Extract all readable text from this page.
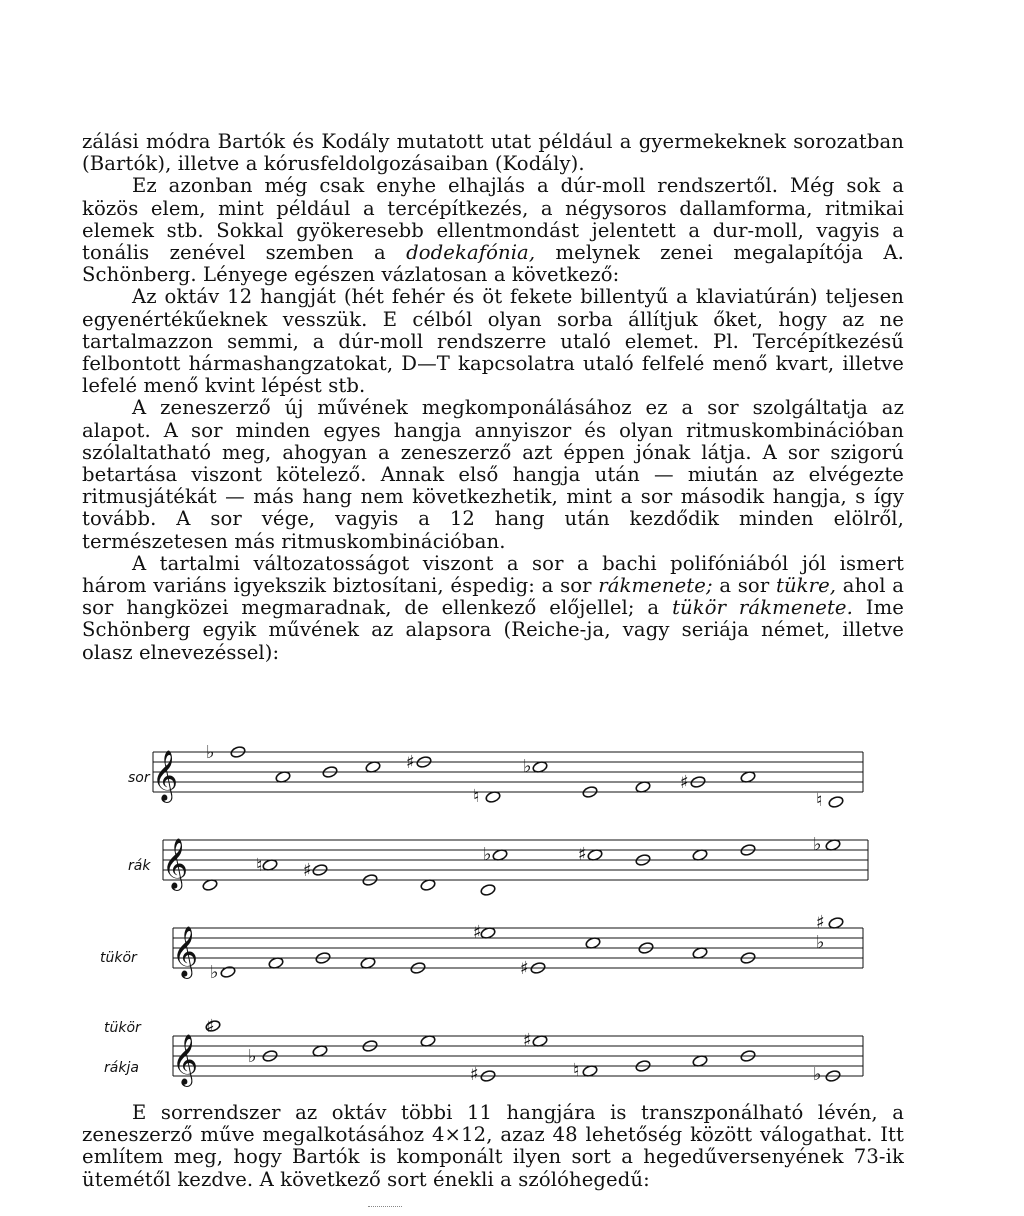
zálási módra Bartók és Kodály mutatott utat például a gyermekeknek sorozatban (Bartók), illetve a kórusfeldolgozásaiban (Kodály).

Ez azonban még csak enyhe elhajlás a dúr-moll rendszertől. Még sok a közös elem, mint például a tercépítkezés, a négysoros dallamforma, ritmikai elemek stb. Sokkal gyökeresebb ellentmondást jelentett a dur-moll, vagyis a tonális zenével szemben a dodekafónia, melynek zenei megalapítója A. Schönberg. Lényege egészen vázlatosan a következő:

Az oktáv 12 hangját (hét fehér és öt fekete billentyű a klaviatúrán) teljesen egyenértékűeknek vesszük. E célból olyan sorba állítjuk őket, hogy az ne tartalmazzon semmi, a dúr-moll rendszerre utaló elemet. Pl. Tercépítkezésű felbontott hármashangzatokat, D—T kapcsolatra utaló felfelé menő kvart, illetve lefelé menő kvint lépést stb.

A zeneszerző új művének megkomponálásához ez a sor szolgáltatja az alapot. A sor minden egyes hangja annyiszor és olyan ritmuskombinációban szólaltatható meg, ahogyan a zeneszerző azt éppen jónak látja. A sor szigorú betartása viszont kötelező. Annak első hangja után — miután az elvégezte ritmusjátékát — más hang nem következhetik, mint a sor második hangja, s így tovább. A sor vége, vagyis a 12 hang után kezdődik minden elölről, természetesen más ritmuskombinációban.

A tartalmi változatosságot viszont a sor a bachi polifóniából jól ismert három variáns igyekszik biztosítani, éspedig: a sor rákmenete; a sor tükre, ahol a sor hangközei megmaradnak, de ellenkező előjellel; a tükör rákmenete. Ime Schönberg egyik művének az alapsora (Reiche-ja, vagy seriája német, illetve olasz elnevezéssel):

𝄞
𝄞
𝄞
𝄞
sor
rák
tükör
tükör
rákja
♭	♯
♮
♭
♯
♮
♮ ♯
♭	♯	♭
♭
♯
♯
♯
♭
♭
♯
♯
♯
♮	♭

E sorrendszer az oktáv többi 11 hangjára is transzponálható lévén, a zeneszerző műve megalkotásához 4×12, azaz 48 lehetőség között válogathat. Itt említem meg, hogy Bartók is komponált ilyen sort a hegedűversenyének 73-ik ütemétől kezdve. A következő sort énekli a szólóhegedű:
